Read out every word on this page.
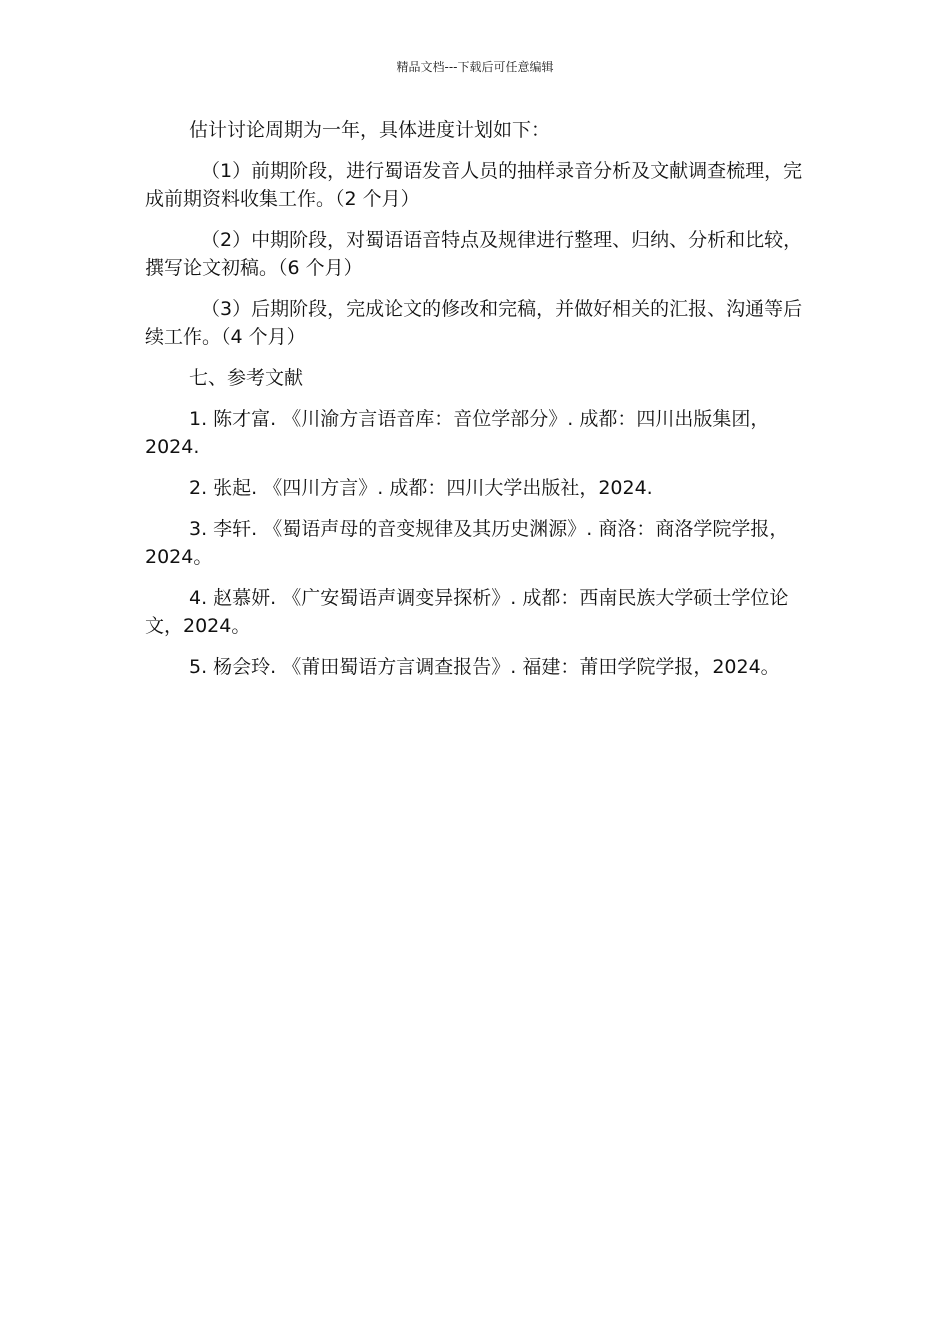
精品文档---下载后可任意编辑

估计讨论周期为一年，具体进度计划如下：

（1）前期阶段，进行蜀语发音人员的抽样录音分析及文献调查梳理，完成前期资料收集工作。（2 个月）

（2）中期阶段，对蜀语语音特点及规律进行整理、归纳、分析和比较，撰写论文初稿。（6 个月）

（3）后期阶段，完成论文的修改和完稿，并做好相关的汇报、沟通等后续工作。（4 个月）

七、参考文献

1. 陈才富. 《川渝方言语音库：音位学部分》. 成都：四川出版集团，2024.

2. 张起. 《四川方言》. 成都：四川大学出版社，2024.

3. 李轩. 《蜀语声母的音变规律及其历史渊源》. 商洛：商洛学院学报，2024。

4. 赵慕妍. 《广安蜀语声调变异探析》. 成都：西南民族大学硕士学位论文，2024。

5. 杨会玲. 《莆田蜀语方言调查报告》. 福建：莆田学院学报，2024。
